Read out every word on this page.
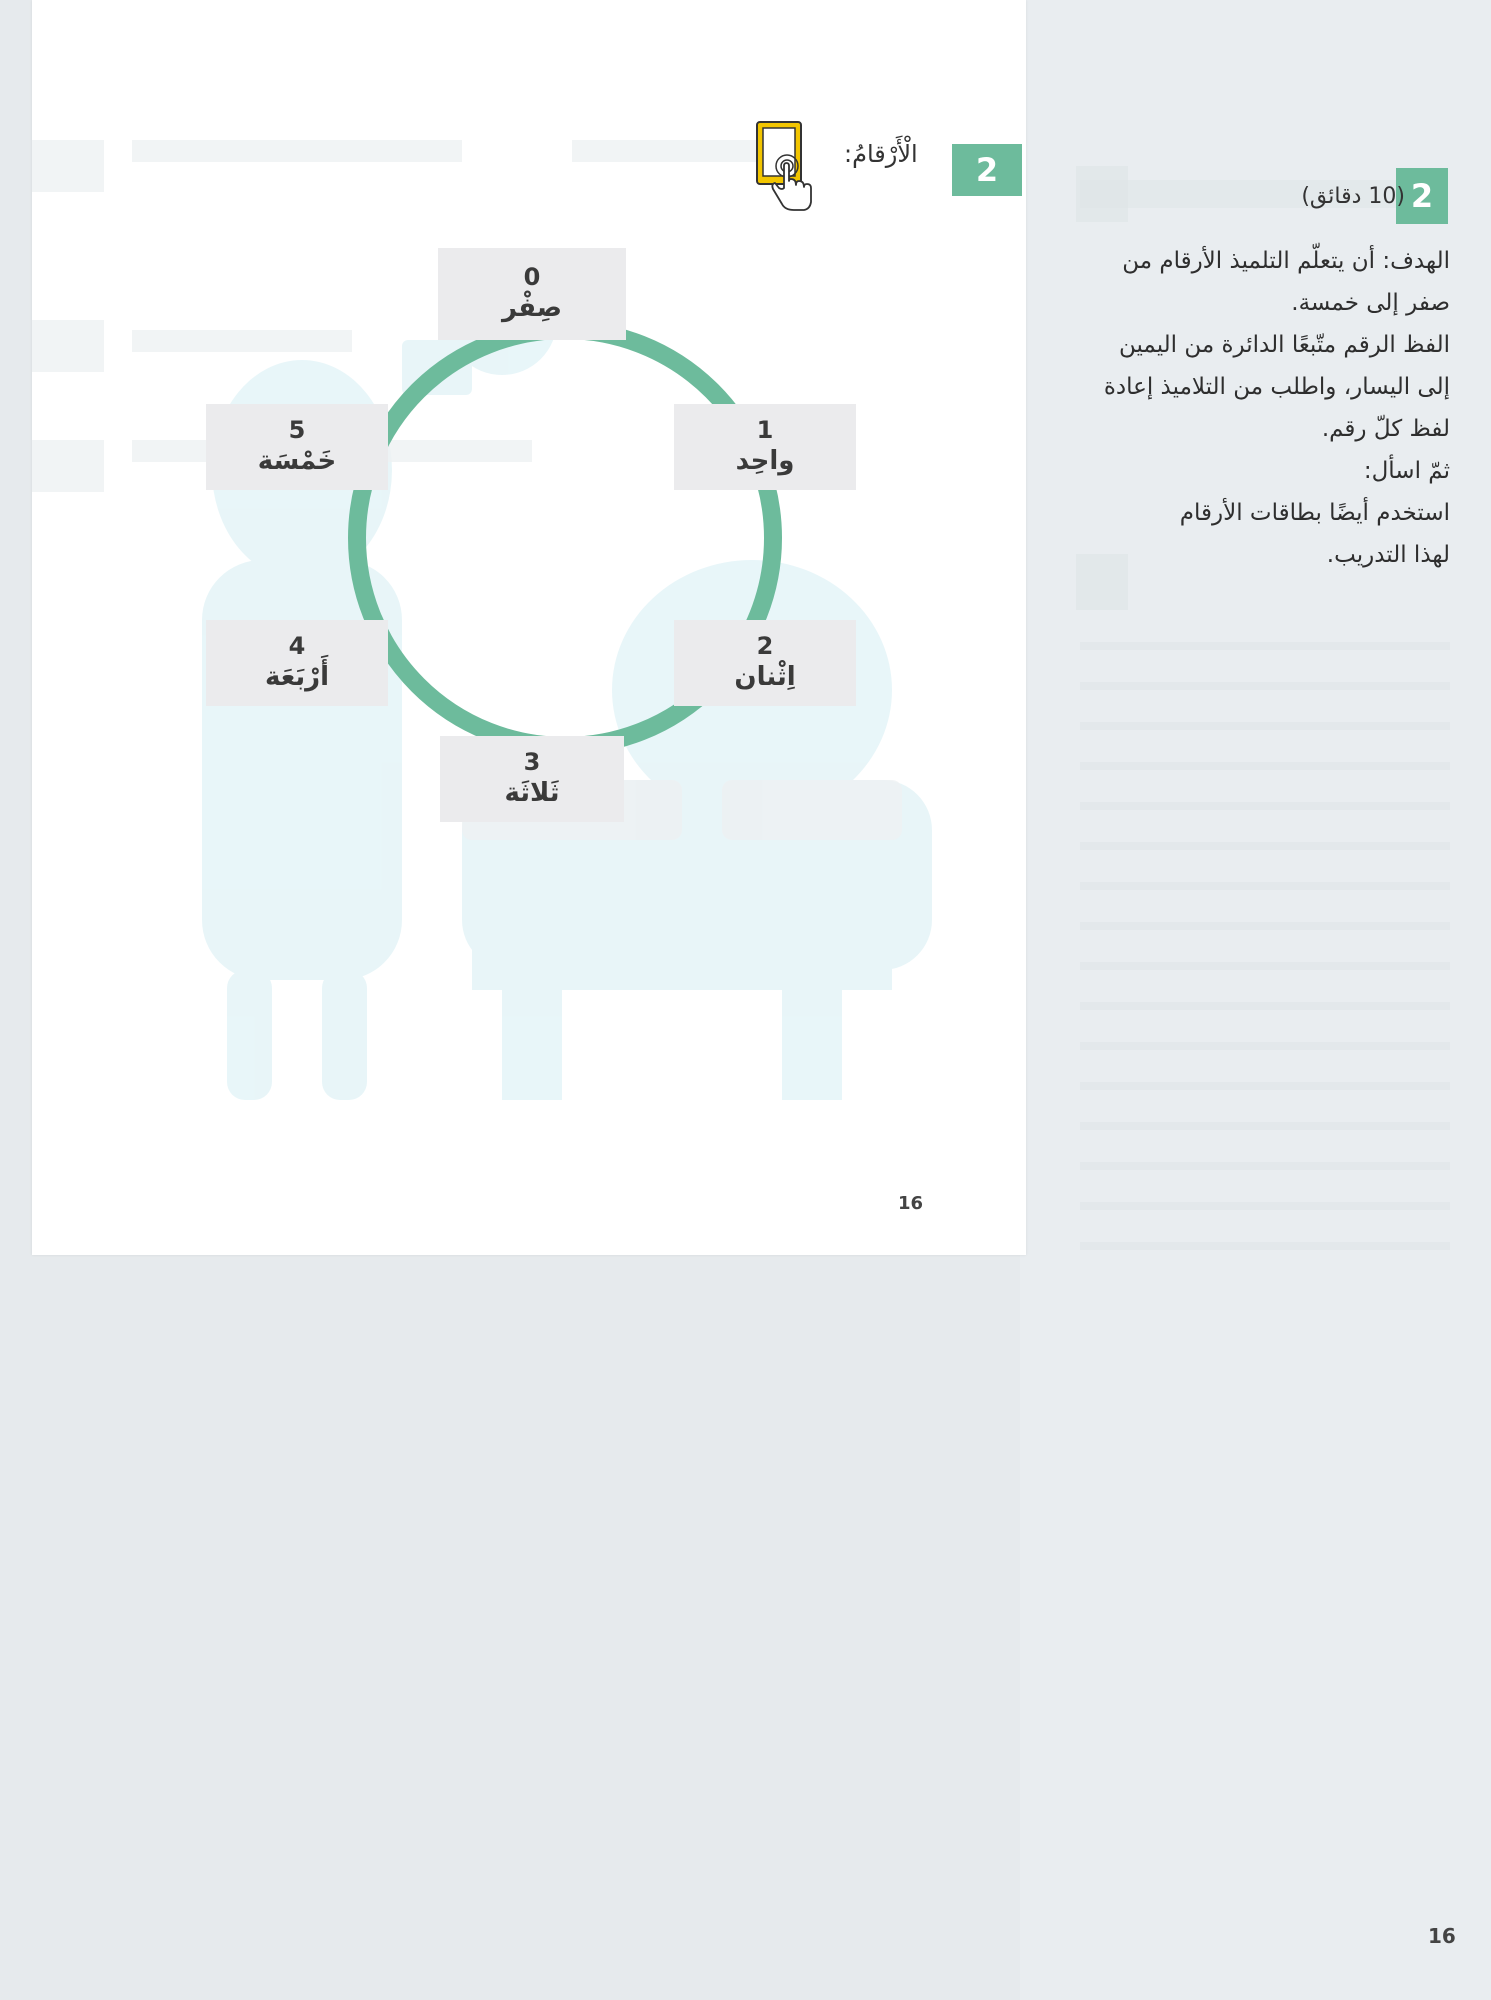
2
الْأَرْقامُ:
0
صِفْر
1
واحِد
2
اِثْنان
3
ثَلاثَة
4
أَرْبَعَة
5
خَمْسَة
16
2
(10 دقائق)

الهدف: أن يتعلّم التلميذ الأرقام من

صفر إلى خمسة.

الفظ الرقم متّبعًا الدائرة من اليمين

إلى اليسار، واطلب من التلاميذ إعادة

لفظ كلّ رقم.

ثمّ اسأل:

استخدم أيضًا بطاقات الأرقام

لهذا التدريب.

16
